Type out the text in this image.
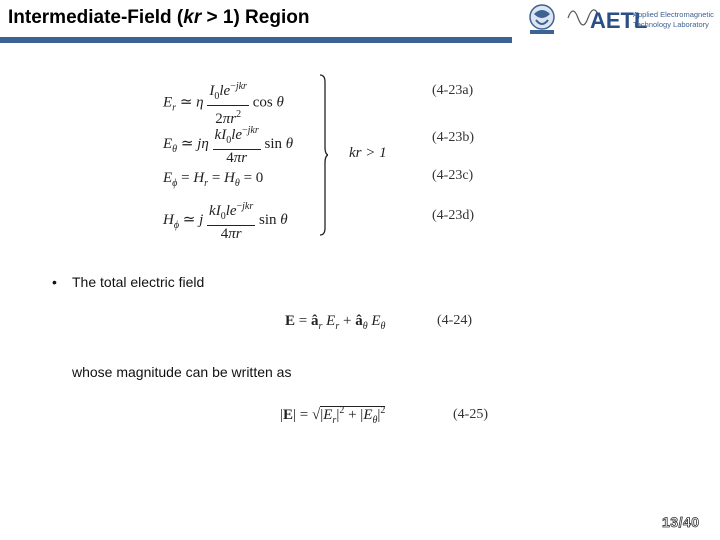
Intermediate-Field (kr > 1) Region	AETL
Applied Electromagnetic
Technology Laboratory
$E_r$ ≃ η $\frac{I_0le^{-jkr}}{2\pi r^2}$ cos θ
(4-23a)
$E_\theta$ ≃ jη $\frac{kI_0le^{-jkr}}{4\pi r}$ sin θ	(4-23b)
$E_\phi = H_r = H_\theta = 0$	(4-23c)
$H_\phi$ ≃ j $\frac{kI_0le^{-jkr}}{4\pi r}$ sin θ	(4-23d)
kr > 1
• The total electric field
$E = â_r$ $E_r$ + $â_\theta$ $E_\theta$	(4-24)
whose magnitude can be written as
$|E| = √|E_r|^2 + |E_\theta|^2$	(4-25)
13/40
